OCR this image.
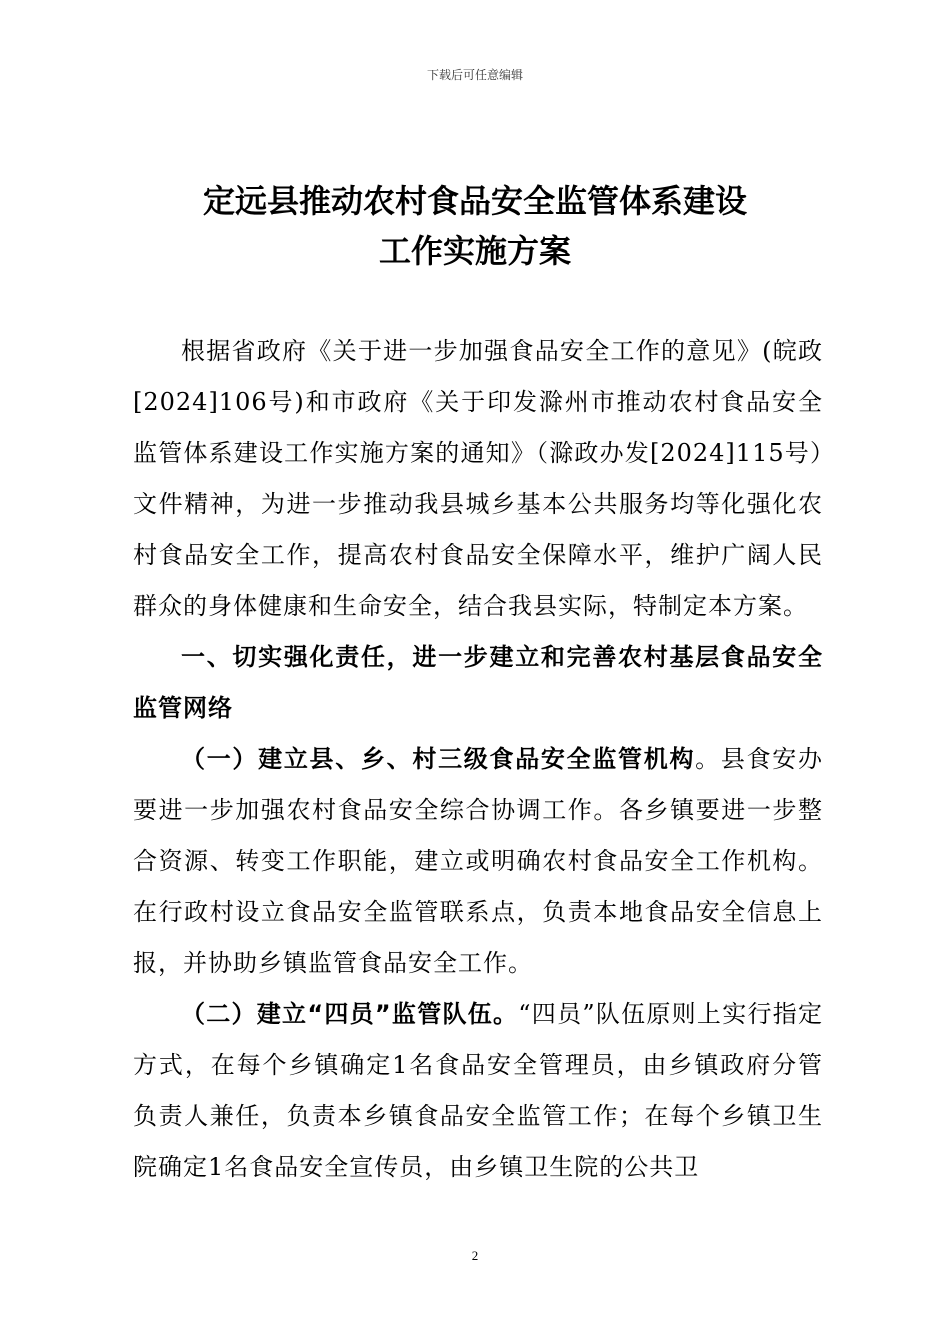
下载后可任意编辑
定远县推动农村食品安全监管体系建设
工作实施方案

根据省政府《关于进一步加强食品安全工作的意见》(皖政[2024]106号)和市政府《关于印发滁州市推动农村食品安全监管体系建设工作实施方案的通知》（滁政办发[2024]115号）文件精神，为进一步推动我县城乡基本公共服务均等化强化农村食品安全工作，提高农村食品安全保障水平，维护广阔人民群众的身体健康和生命安全，结合我县实际，特制定本方案。

一、切实强化责任，进一步建立和完善农村基层食品安全监管网络

（一）建立县、乡、村三级食品安全监管机构。县食安办要进一步加强农村食品安全综合协调工作。各乡镇要进一步整合资源、转变工作职能，建立或明确农村食品安全工作机构。在行政村设立食品安全监管联系点，负责本地食品安全信息上报，并协助乡镇监管食品安全工作。

（二）建立“四员”监管队伍。“四员”队伍原则上实行指定方式，在每个乡镇确定1名食品安全管理员，由乡镇政府分管负责人兼任，负责本乡镇食品安全监管工作；在每个乡镇卫生院确定1名食品安全宣传员，由乡镇卫生院的公共卫

2
